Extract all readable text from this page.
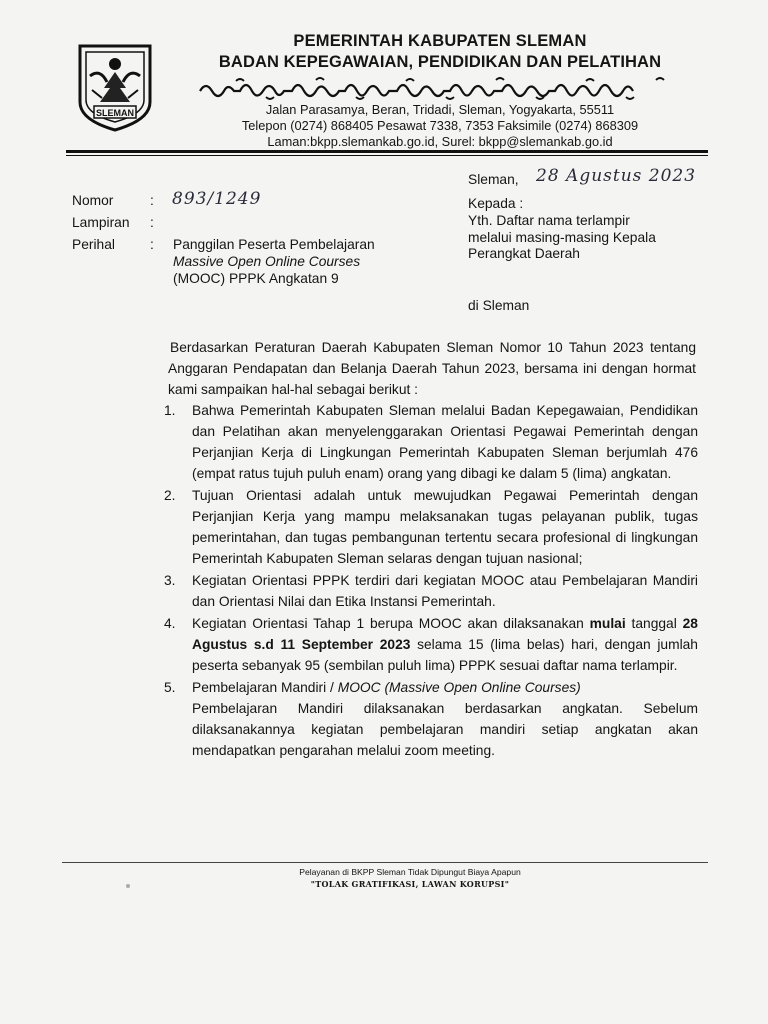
SLEMAN
PEMERINTAH KABUPATEN SLEMAN
BADAN KEPEGAWAIAN, PENDIDIKAN DAN PELATIHAN
Jalan Parasamya, Beran, Tridadi, Sleman, Yogyakarta, 55511
Telepon (0274) 868405 Pesawat 7338, 7353 Faksimile (0274) 868309
Laman:bkpp.slemankab.go.id, Surel: bkpp@slemankab.go.id
Nomor	: 893/1249
Lampiran :
Perihal	: Panggilan Peserta Pembelajaran
Massive Open Online Courses
(MOOC) PPPK Angkatan 9
Sleman, 28 Agustus 2023
Kepada :
Yth. Daftar nama terlampir
melalui masing-masing Kepala
Perangkat Daerah
di Sleman
Berdasarkan Peraturan Daerah Kabupaten Sleman Nomor 10 Tahun 2023 tentang Anggaran Pendapatan dan Belanja Daerah Tahun 2023, bersama ini dengan hormat kami sampaikan hal-hal sebagai berikut :
1. Bahwa Pemerintah Kabupaten Sleman melalui Badan Kepegawaian, Pendidikan dan Pelatihan akan menyelenggarakan Orientasi Pegawai Pemerintah dengan Perjanjian Kerja di Lingkungan Pemerintah Kabupaten Sleman berjumlah 476 (empat ratus tujuh puluh enam) orang yang dibagi ke dalam 5 (lima) angkatan.
2. Tujuan Orientasi adalah untuk mewujudkan Pegawai Pemerintah dengan Perjanjian Kerja yang mampu melaksanakan tugas pelayanan publik, tugas pemerintahan, dan tugas pembangunan tertentu secara profesional di lingkungan Pemerintah Kabupaten Sleman selaras dengan tujuan nasional;
3. Kegiatan Orientasi PPPK terdiri dari kegiatan MOOC atau Pembelajaran Mandiri dan Orientasi Nilai dan Etika Instansi Pemerintah.
4. Kegiatan Orientasi Tahap 1 berupa MOOC akan dilaksanakan mulai tanggal 28 Agustus s.d 11 September 2023 selama 15 (lima belas) hari, dengan jumlah peserta sebanyak 95 (sembilan puluh lima) PPPK sesuai daftar nama terlampir.
5. Pembelajaran Mandiri / MOOC (Massive Open Online Courses)
Pembelajaran Mandiri dilaksanakan berdasarkan angkatan. Sebelum dilaksanakannya kegiatan pembelajaran mandiri setiap angkatan akan mendapatkan pengarahan melalui zoom meeting.
Pelayanan di BKPP Sleman Tidak Dipungut Biaya Apapun
"TOLAK GRATIFIKASI, LAWAN KORUPSI"
